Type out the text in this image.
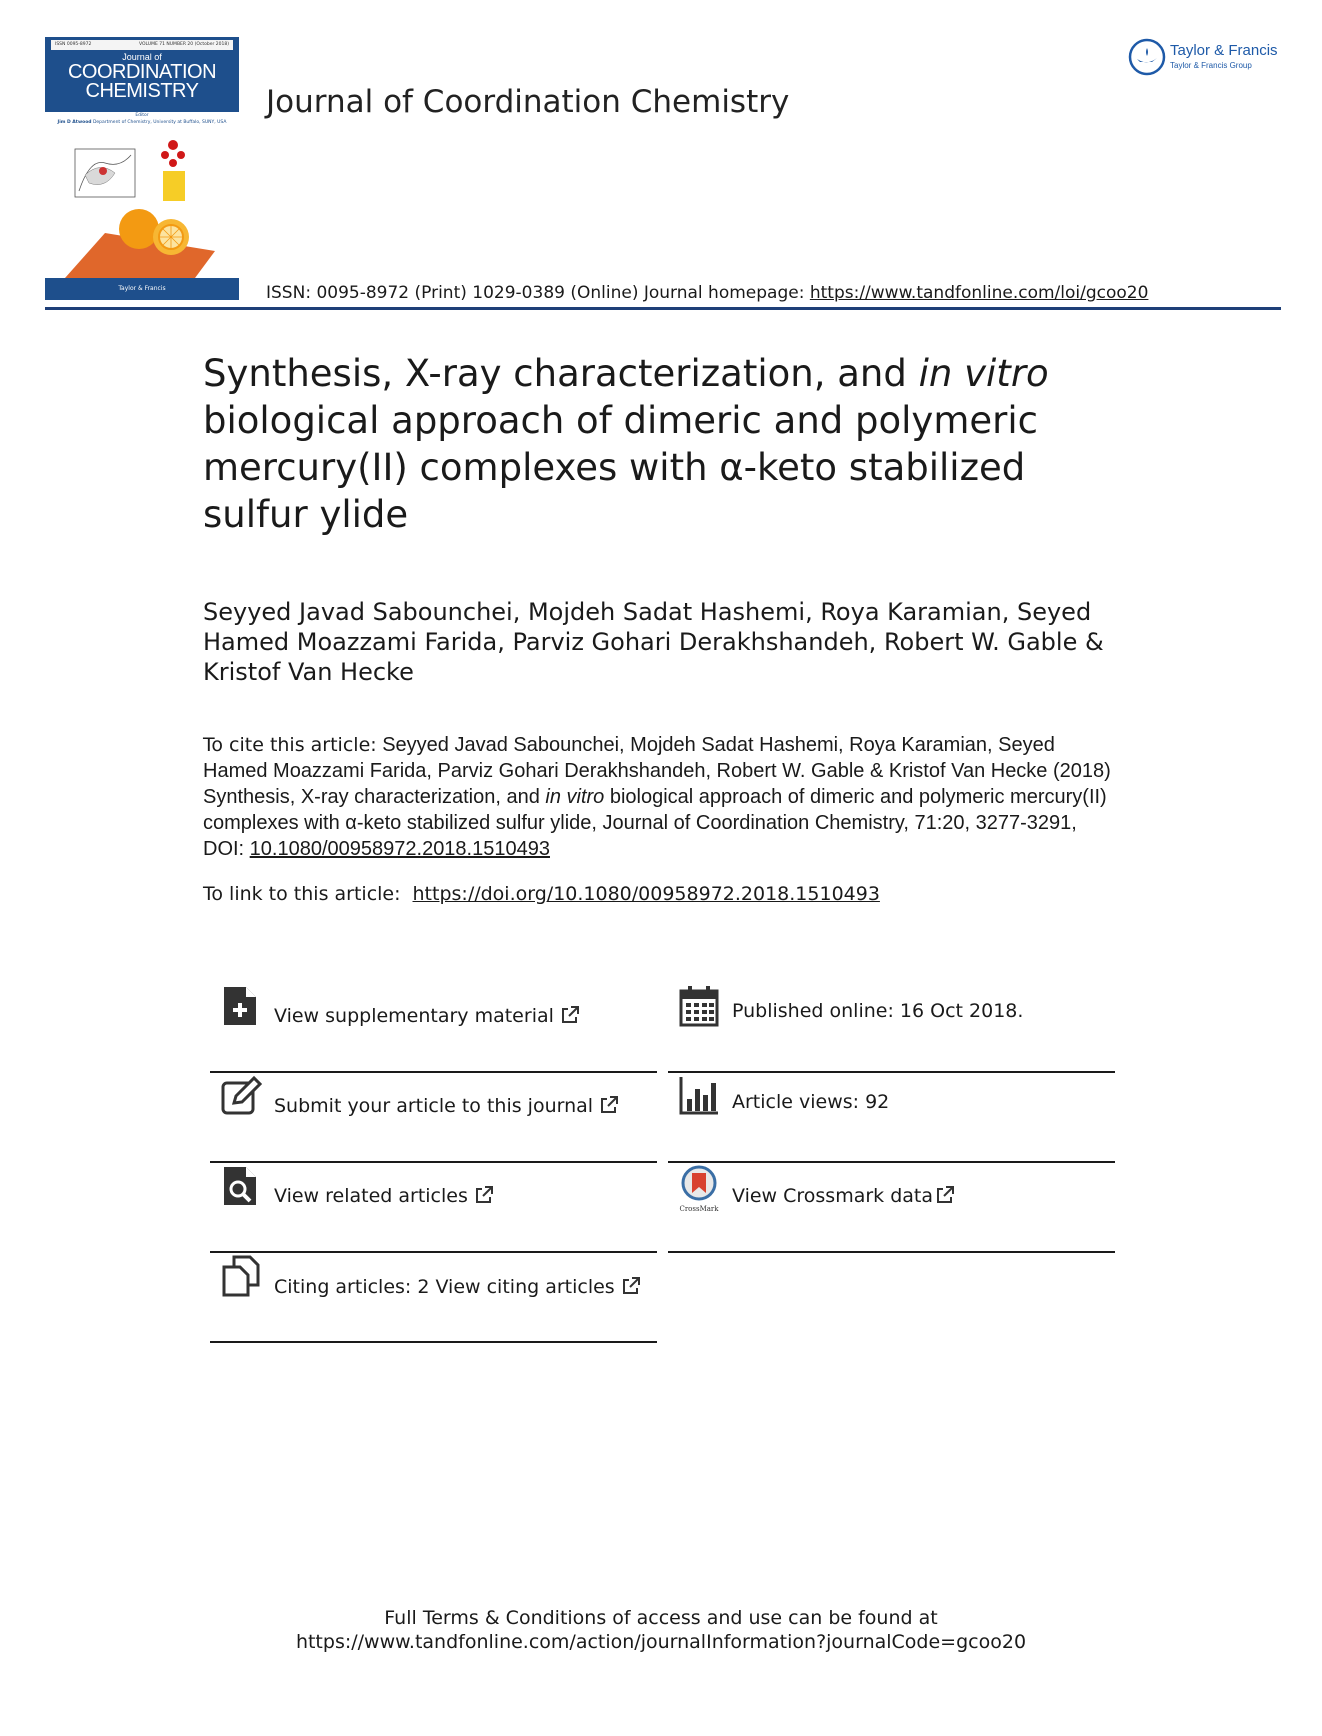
ISSN 0095-8972	VOLUME 71 NUMBER 20 (October 2018)
Journal of
COORDINATION
CHEMISTRY
Editor
Jim D Atwood Department of Chemistry, University at Buffalo, SUNY, USA
Taylor & Francis
Journal of Coordination Chemistry
Taylor & Francis
Taylor & Francis Group
ISSN: 0095-8972 (Print) 1029-0389 (Online) Journal homepage: https://www.tandfonline.com/loi/gcoo20
Synthesis, X-ray characterization, and in vitro biological approach of dimeric and polymeric mercury(II) complexes with α-keto stabilized sulfur ylide
Seyyed Javad Sabounchei, Mojdeh Sadat Hashemi, Roya Karamian, Seyed Hamed Moazzami Farida, Parviz Gohari Derakhshandeh, Robert W. Gable & Kristof Van Hecke
To cite this article: Seyyed Javad Sabounchei, Mojdeh Sadat Hashemi, Roya Karamian, Seyed Hamed Moazzami Farida, Parviz Gohari Derakhshandeh, Robert W. Gable & Kristof Van Hecke (2018) Synthesis, X-ray characterization, and in vitro biological approach of dimeric and polymeric mercury(II) complexes with α-keto stabilized sulfur ylide, Journal of Coordination Chemistry, 71:20, 3277-3291, DOI: 10.1080/00958972.2018.1510493
To link to this article: https://doi.org/10.1080/00958972.2018.1510493
View supplementary material	Published online: 16 Oct 2018.
Submit your article to this journal	Article views: 92
View related articles
CrossMark
View Crossmark data
Citing articles: 2 View citing articles
Full Terms & Conditions of access and use can be found at
https://www.tandfonline.com/action/journalInformation?journalCode=gcoo20
